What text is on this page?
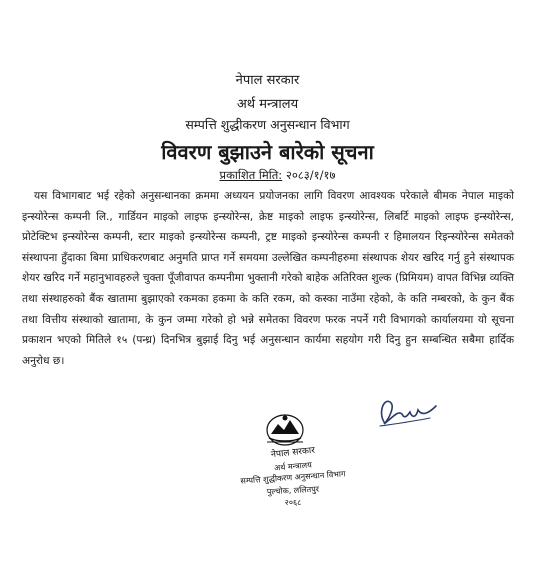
नेपाल सरकार
अर्थ मन्त्रालय
सम्पत्ति शुद्धीकरण अनुसन्धान विभाग
विवरण बुझाउने बारेको सूचना
प्रकाशित मिति: २०८३/१/१७
यस विभागबाट भई रहेको अनुसन्धानका क्रममा अध्ययन प्रयोजनका लागि विवरण आवश्यक परेकाले बीमक नेपाल माइको इन्स्योरेन्स कम्पनी लि., गार्डियन माइको लाइफ इन्स्योरेन्स, क्रेष्ट माइको लाइफ इन्स्योरेन्स, लिबर्टि माइको लाइफ इन्स्योरेन्स, प्रोटेक्टिभ इन्स्योरेन्स कम्पनी, स्टार माइको इन्स्योरेन्स कम्पनी, ट्रष्ट माइको इन्स्योरेन्स कम्पनी र हिमालयन रिइन्स्योरेन्स समेतको संस्थापना हुँदाका बिमा प्राधिकरणबाट अनुमति प्राप्त गर्ने समयमा उल्लेखित कम्पनीहरुमा संस्थापक शेयर खरिद गर्नु हुने संस्थापक शेयर खरिद गर्ने महानुभावहरुले चुक्ता पूँजीवापत कम्पनीमा भुक्तानी गरेको बाहेक अतिरिक्त शुल्क (प्रिमियम) वापत विभिन्न व्यक्ति तथा संस्थाहरुको बैंक खातामा बुझाएको रकमका हकमा के कति रकम, को कस्का नाउँमा रहेको, के कति नम्बरको, के कुन बैंक तथा वित्तीय संस्थाको खातामा, के कुन जम्मा गरेको हो भन्ने समेतका विवरण फरक नपर्ने गरी विभागको कार्यालयमा यो सूचना प्रकाशन भएको मितिले १५ (पन्ध्र) दिनभित्र बुझाई दिनु भई अनुसन्धान कार्यमा सहयोग गरी दिनु हुन सम्बन्धित सबैमा हार्दिक अनुरोध छ।
नेपाल सरकार
अर्थ मन्त्रालय
सम्पत्ति शुद्धीकरण अनुसन्धान विभाग
पुल्चोक, ललितपुर
२०६८
